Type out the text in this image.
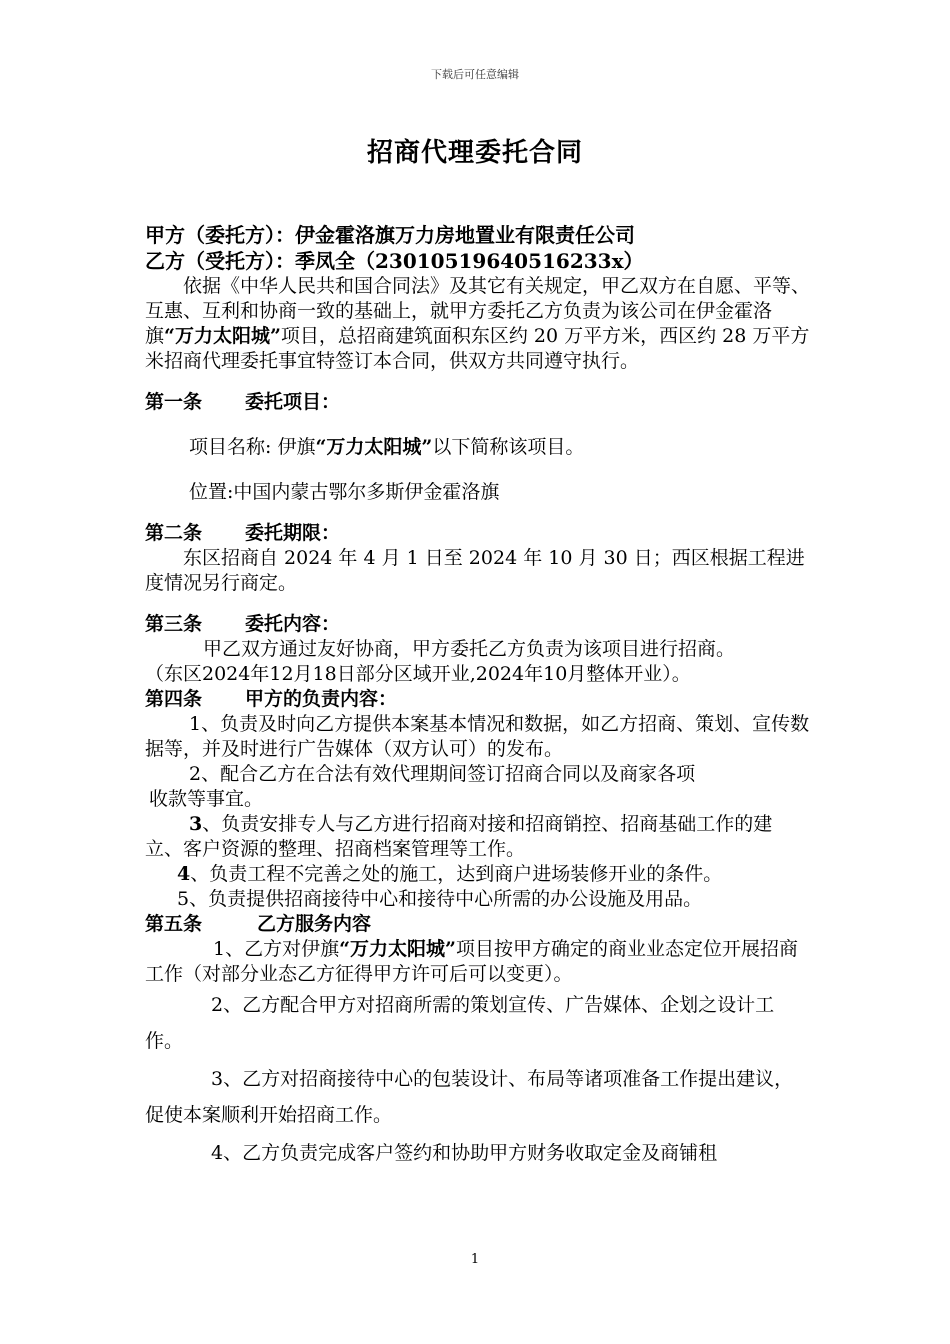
下载后可任意编辑
招商代理委托合同

甲方（委托方）：伊金霍洛旗万力房地置业有限责任公司

乙方（受托方）：季凤全（23010519640516233x）

依据《中华人民共和国合同法》及其它有关规定，甲乙双方在自愿、平等、互惠、互利和协商一致的基础上，就甲方委托乙方负责为该公司在伊金霍洛旗“万力太阳城”项目，总招商建筑面积东区约 20 万平方米，西区约 28 万平方米招商代理委托事宜特签订本合同，供双方共同遵守执行。

第一条 委托项目：

项目名称: 伊旗“万力太阳城”以下简称该项目。

位置:中国内蒙古鄂尔多斯伊金霍洛旗

第二条 委托期限：

东区招商自 2024 年 4 月 1 日至 2024 年 10 月 30 日；西区根据工程进度情况另行商定。

第三条 委托内容：

甲乙双方通过友好协商，甲方委托乙方负责为该项目进行招商。

（东区2024年12月18日部分区域开业,2024年10月整体开业）。

第四条 甲方的负责内容：

1、负责及时向乙方提供本案基本情况和数据，如乙方招商、策划、宣传数据等，并及时进行广告媒体（双方认可）的发布。

2、配合乙方在合法有效代理期间签订招商合同以及商家各项

收款等事宜。

3、负责安排专人与乙方进行招商对接和招商销控、招商基础工作的建立、客户资源的整理、招商档案管理等工作。

4、负责工程不完善之处的施工，达到商户进场装修开业的条件。

5、负责提供招商接待中心和接待中心所需的办公设施及用品。

第五条	乙方服务内容

1、乙方对伊旗“万力太阳城”项目按甲方确定的商业业态定位开展招商工作（对部分业态乙方征得甲方许可后可以变更）。

2、乙方配合甲方对招商所需的策划宣传、广告媒体、企划之设计工作。

3、乙方对招商接待中心的包装设计、布局等诸项准备工作提出建议，促使本案顺利开始招商工作。

4、乙方负责完成客户签约和协助甲方财务收取定金及商铺租

1
